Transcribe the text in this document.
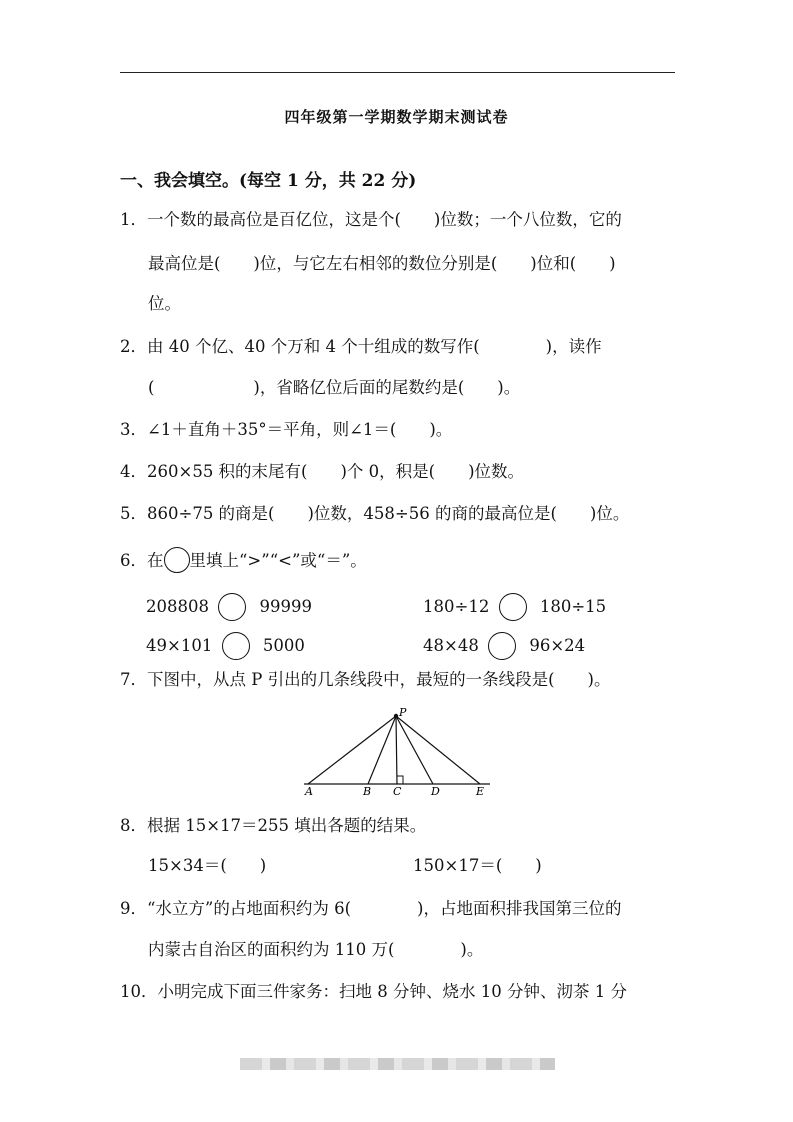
四年级第一学期数学期末测试卷
一、我会填空。(每空 1 分，共 22 分)
1．一个数的最高位是百亿位，这是个(　　)位数；一个八位数，它的
最高位是(　　)位，与它左右相邻的数位分别是(　　)位和(　　)
位。
2．由 40 个亿、40 个万和 4 个十组成的数写作(　　　　)，读作
(　　　　　　)，省略亿位后面的尾数约是(　　)。
3．∠1＋直角＋35°＝平角，则∠1＝(　　)。
4．260×55 积的末尾有(　　)个 0，积是(　　)位数。
5．860÷75 的商是(　　)位数，458÷56 的商的最高位是(　　)位。
6．在 里填上“>”“<”或“＝”。
208808	99999	180÷12	180÷15
49×101	5000	48×48	96×24
7．下图中，从点 P 引出的几条线段中，最短的一条线段是(　　)。
P
A	B C	D	E
8．根据 15×17＝255 填出各题的结果。
15×34＝(　　)	150×17＝(　　)
9．“水立方”的占地面积约为 6(　　　　)，占地面积排我国第三位的
内蒙古自治区的面积约为 110 万(　　　　)。
10．小明完成下面三件家务：扫地 8 分钟、烧水 10 分钟、沏茶 1 分
